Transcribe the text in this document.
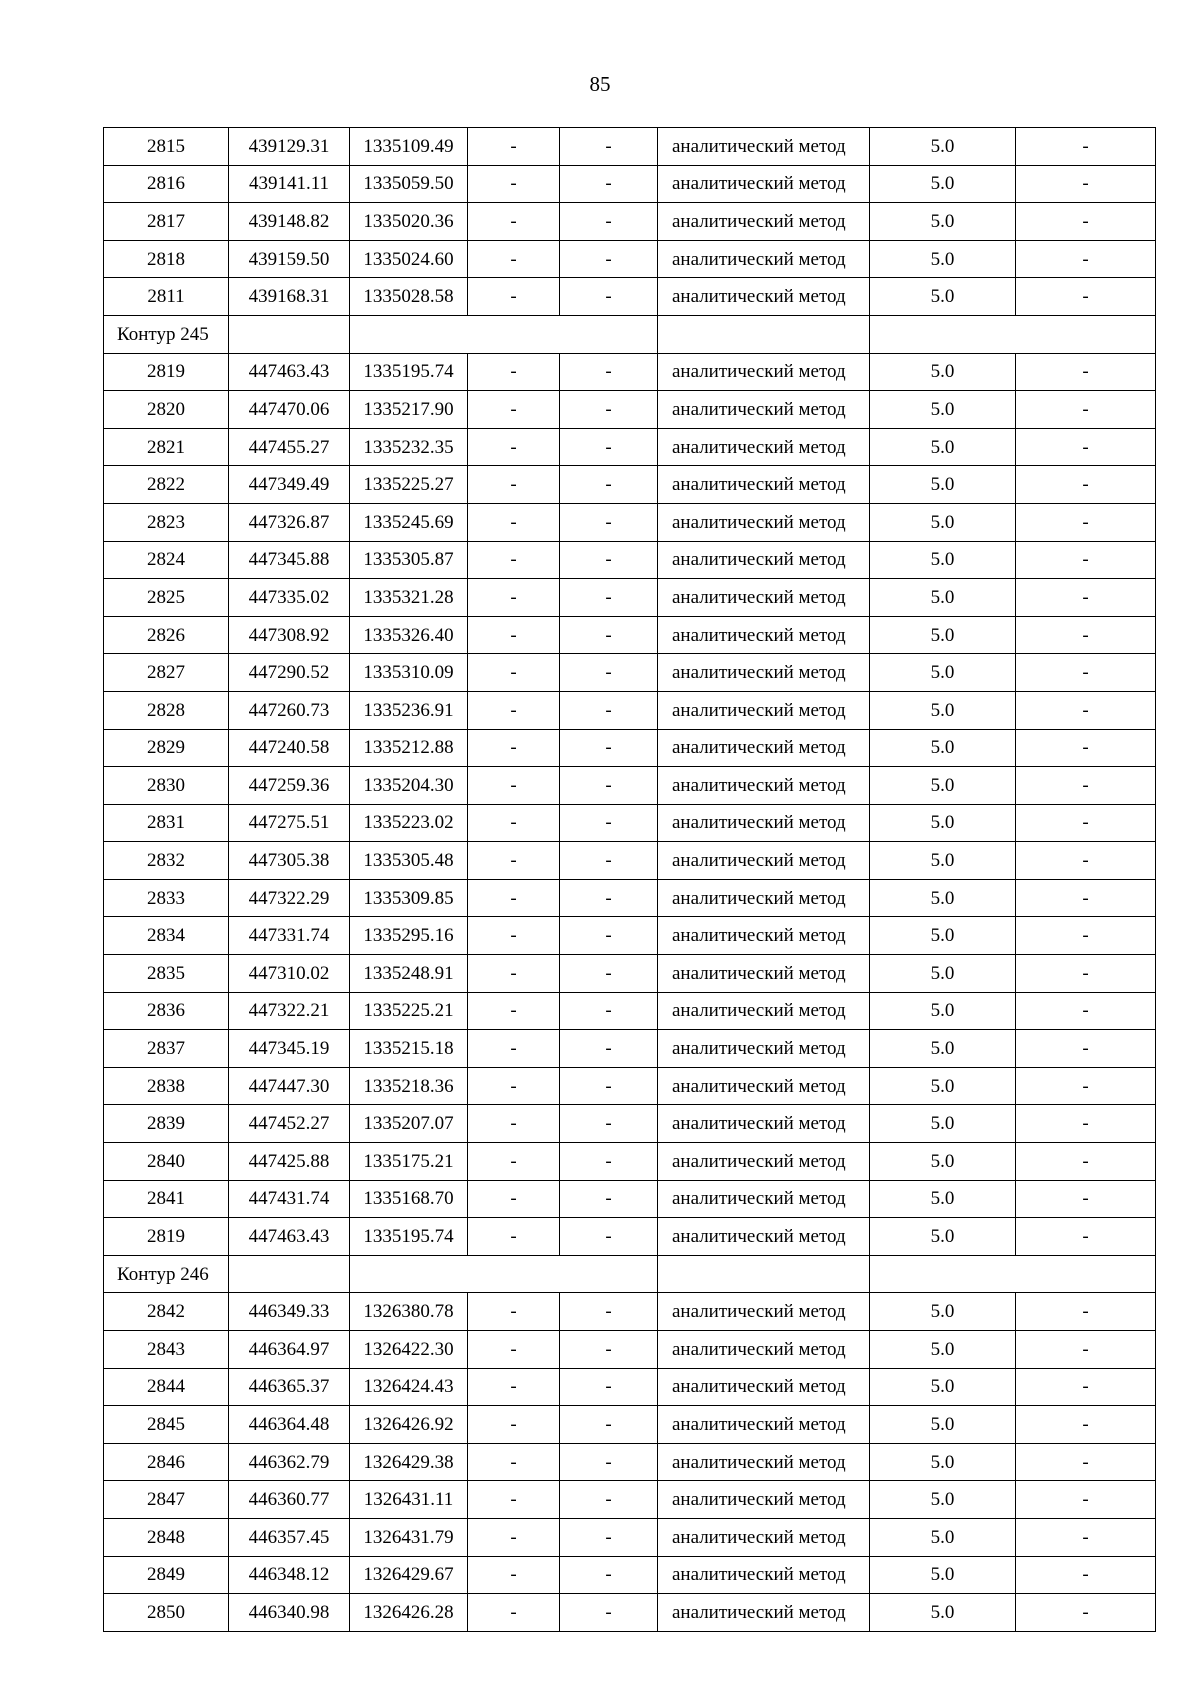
85
2815	439129.31	1335109.49	-	-	аналитический метод	5.0	-
2816	439141.11	1335059.50	-	-	аналитический метод	5.0	-
2817	439148.82	1335020.36	-	-	аналитический метод	5.0	-
2818	439159.50	1335024.60	-	-	аналитический метод	5.0	-
2811	439168.31	1335028.58	-	-	аналитический метод	5.0	-
Контур 245							
2819	447463.43	1335195.74	-	-	аналитический метод	5.0	-
2820	447470.06	1335217.90	-	-	аналитический метод	5.0	-
2821	447455.27	1335232.35	-	-	аналитический метод	5.0	-
2822	447349.49	1335225.27	-	-	аналитический метод	5.0	-
2823	447326.87	1335245.69	-	-	аналитический метод	5.0	-
2824	447345.88	1335305.87	-	-	аналитический метод	5.0	-
2825	447335.02	1335321.28	-	-	аналитический метод	5.0	-
2826	447308.92	1335326.40	-	-	аналитический метод	5.0	-
2827	447290.52	1335310.09	-	-	аналитический метод	5.0	-
2828	447260.73	1335236.91	-	-	аналитический метод	5.0	-
2829	447240.58	1335212.88	-	-	аналитический метод	5.0	-
2830	447259.36	1335204.30	-	-	аналитический метод	5.0	-
2831	447275.51	1335223.02	-	-	аналитический метод	5.0	-
2832	447305.38	1335305.48	-	-	аналитический метод	5.0	-
2833	447322.29	1335309.85	-	-	аналитический метод	5.0	-
2834	447331.74	1335295.16	-	-	аналитический метод	5.0	-
2835	447310.02	1335248.91	-	-	аналитический метод	5.0	-
2836	447322.21	1335225.21	-	-	аналитический метод	5.0	-
2837	447345.19	1335215.18	-	-	аналитический метод	5.0	-
2838	447447.30	1335218.36	-	-	аналитический метод	5.0	-
2839	447452.27	1335207.07	-	-	аналитический метод	5.0	-
2840	447425.88	1335175.21	-	-	аналитический метод	5.0	-
2841	447431.74	1335168.70	-	-	аналитический метод	5.0	-
2819	447463.43	1335195.74	-	-	аналитический метод	5.0	-
Контур 246							
2842	446349.33	1326380.78	-	-	аналитический метод	5.0	-
2843	446364.97	1326422.30	-	-	аналитический метод	5.0	-
2844	446365.37	1326424.43	-	-	аналитический метод	5.0	-
2845	446364.48	1326426.92	-	-	аналитический метод	5.0	-
2846	446362.79	1326429.38	-	-	аналитический метод	5.0	-
2847	446360.77	1326431.11	-	-	аналитический метод	5.0	-
2848	446357.45	1326431.79	-	-	аналитический метод	5.0	-
2849	446348.12	1326429.67	-	-	аналитический метод	5.0	-
2850	446340.98	1326426.28	-	-	аналитический метод	5.0	-
